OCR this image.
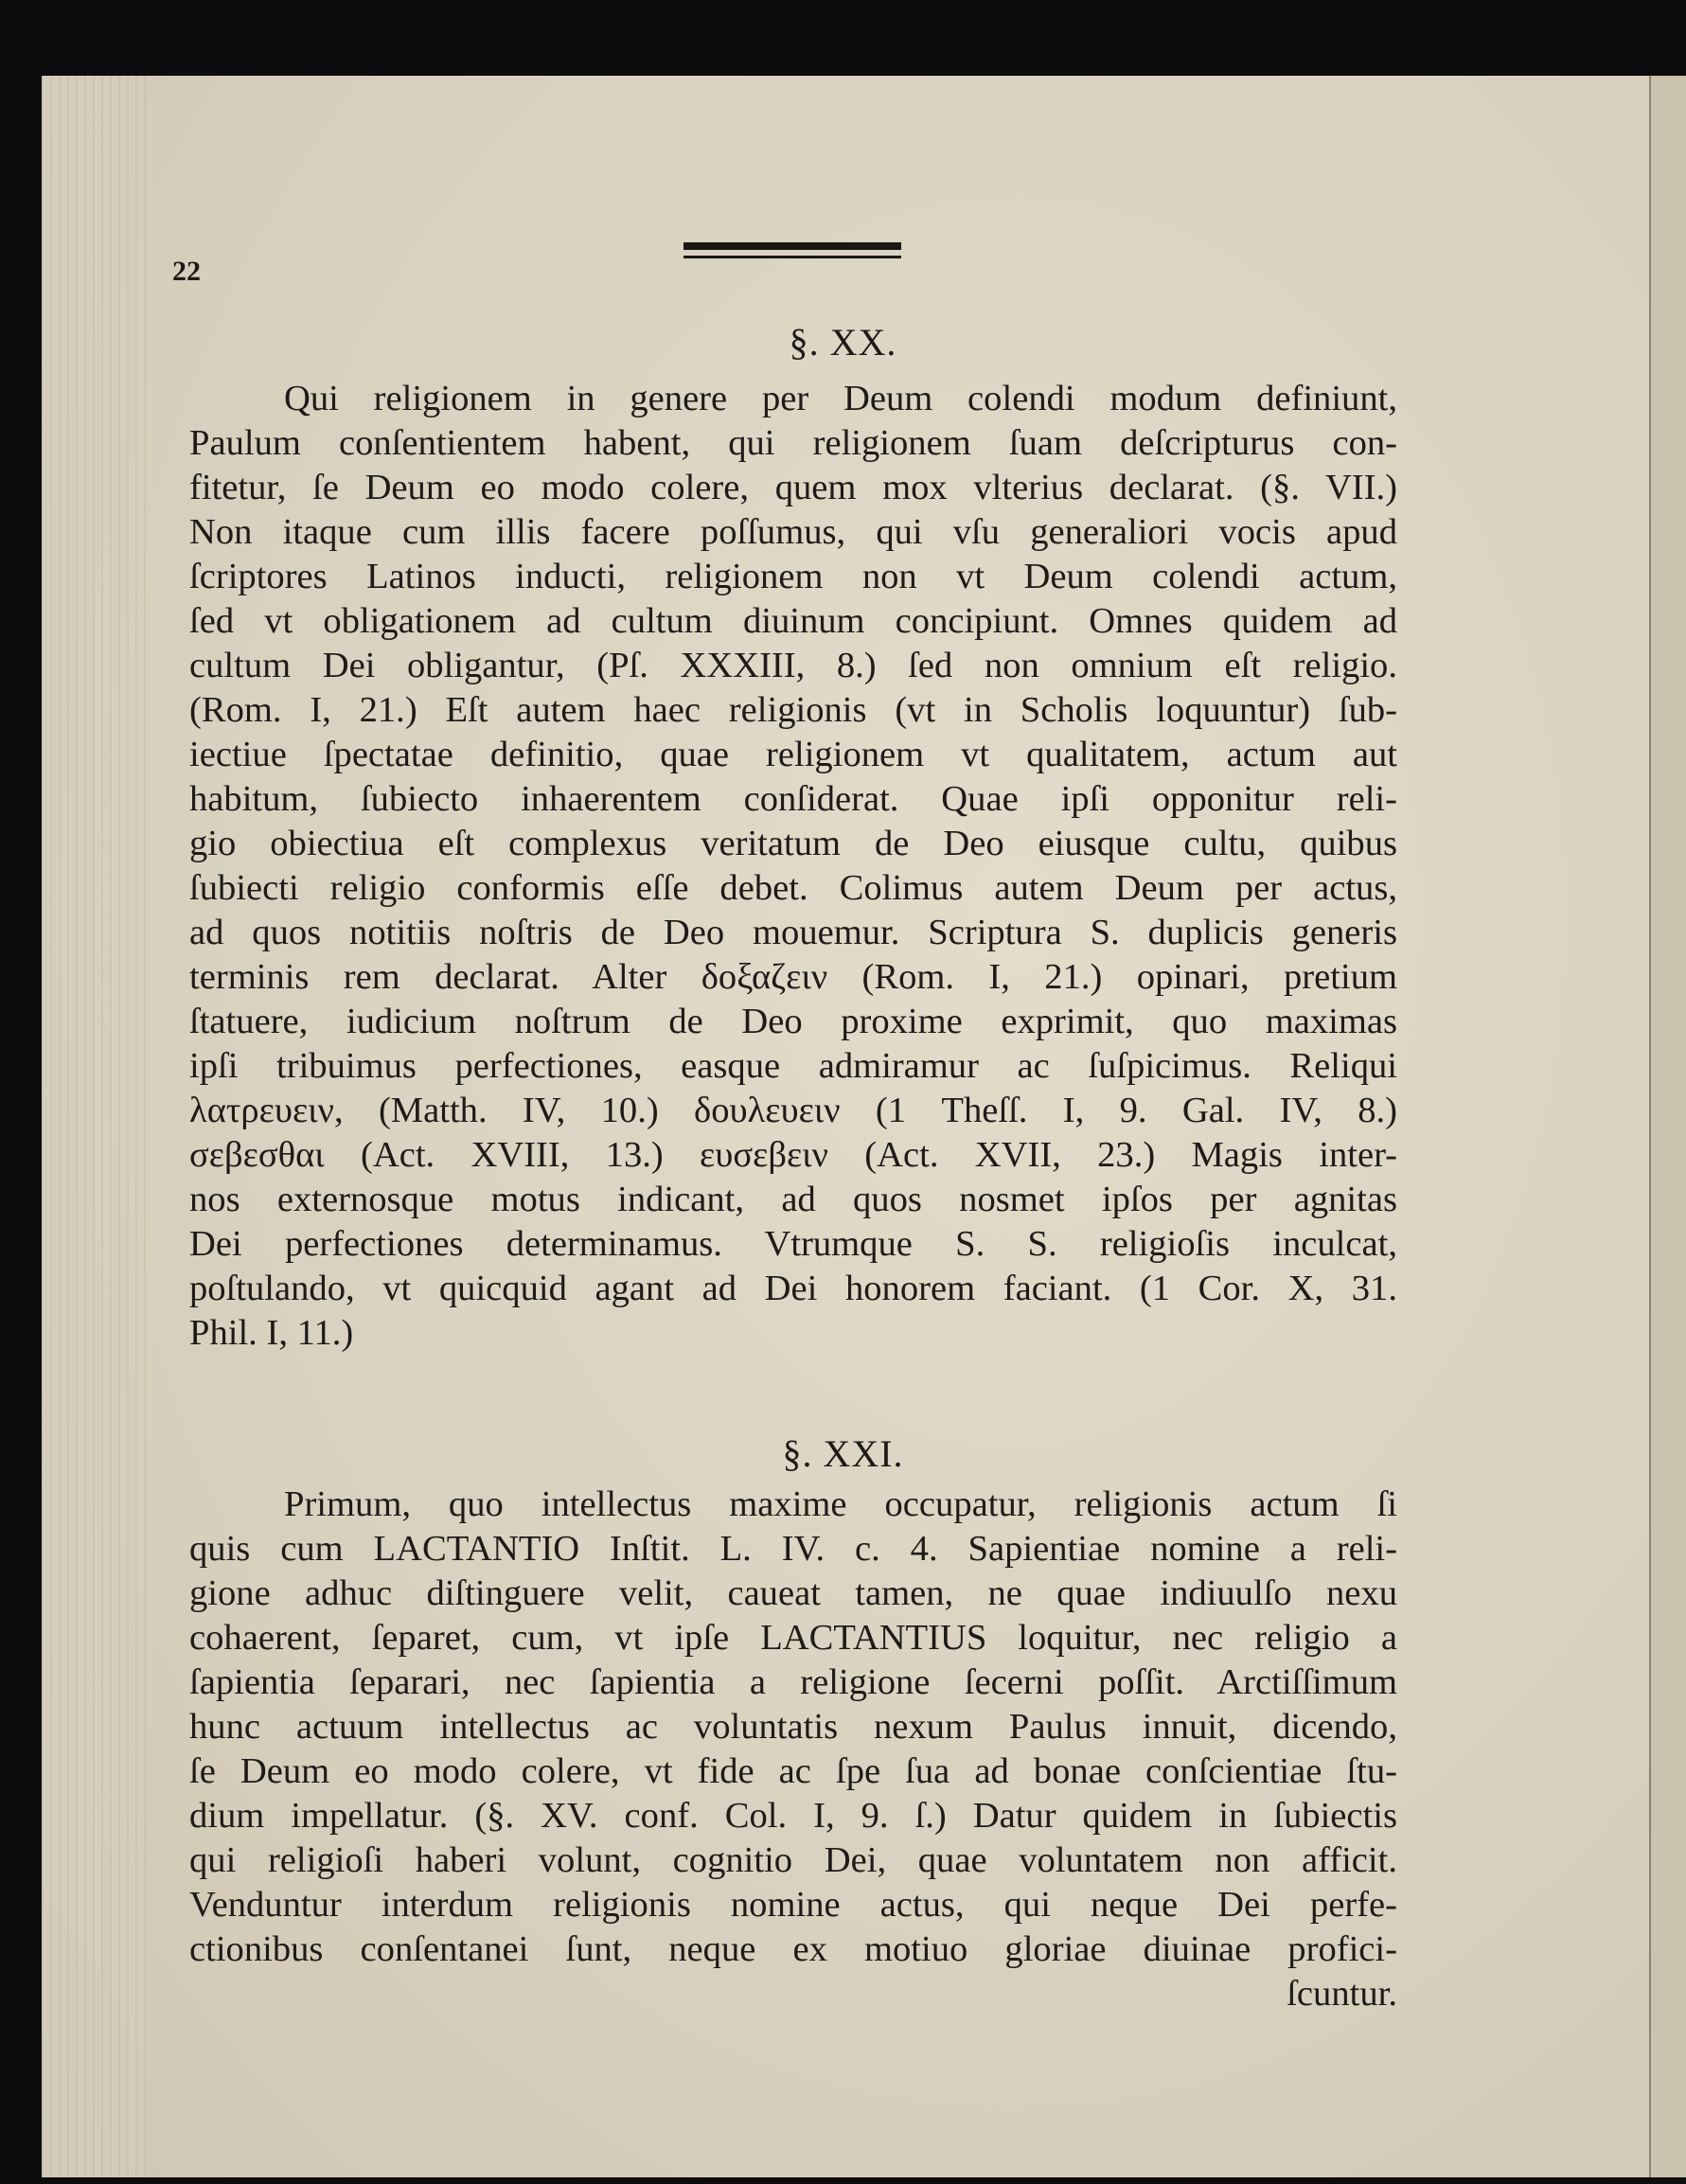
22
§. XX.

Qui religionem in genere per Deum colendi modum definiunt,

Paulum conſentientem habent, qui religionem ſuam deſcripturus con-

fitetur, ſe Deum eo modo colere, quem mox vlterius declarat. (§. VII.)

Non itaque cum illis facere poſſumus, qui vſu generaliori vocis apud

ſcriptores Latinos inducti, religionem non vt Deum colendi actum,

ſed vt obligationem ad cultum diuinum concipiunt. Omnes quidem ad

cultum Dei obligantur, (Pſ. XXXIII, 8.) ſed non omnium eſt religio.

(Rom. I, 21.) Eſt autem haec religionis (vt in Scholis loquuntur) ſub-

iectiue ſpectatae definitio, quae religionem vt qualitatem, actum aut

habitum, ſubiecto inhaerentem conſiderat. Quae ipſi opponitur reli-

gio obiectiua eſt complexus veritatum de Deo eiusque cultu, quibus

ſubiecti religio conformis eſſe debet. Colimus autem Deum per actus,

ad quos notitiis noſtris de Deo mouemur. Scriptura S. duplicis generis

terminis rem declarat. Alter δοξαζειν (Rom. I, 21.) opinari, pretium

ſtatuere, iudicium noſtrum de Deo proxime exprimit, quo maximas

ipſi tribuimus perfectiones, easque admiramur ac ſuſpicimus. Reliqui

λατρευειν, (Matth. IV, 10.) δουλευειν (1 Theſſ. I, 9. Gal. IV, 8.)

σεβεσθαι (Act. XVIII, 13.) ευσεβειν (Act. XVII, 23.) Magis inter-

nos externosque motus indicant, ad quos nosmet ipſos per agnitas

Dei perfectiones determinamus. Vtrumque S. S. religioſis inculcat,

poſtulando, vt quicquid agant ad Dei honorem faciant. (1 Cor. X, 31.

Phil. I, 11.)

§. XXI.

Primum, quo intellectus maxime occupatur, religionis actum ſi

quis cum LACTANTIO Inſtit. L. IV. c. 4. Sapientiae nomine a reli-

gione adhuc diſtinguere velit, caueat tamen, ne quae indiuulſo nexu

cohaerent, ſeparet, cum, vt ipſe LACTANTIUS loquitur, nec religio a

ſapientia ſeparari, nec ſapientia a religione ſecerni poſſit. Arctiſſimum

hunc actuum intellectus ac voluntatis nexum Paulus innuit, dicendo,

ſe Deum eo modo colere, vt fide ac ſpe ſua ad bonae conſcientiae ſtu-

dium impellatur. (§. XV. conf. Col. I, 9. ſ.) Datur quidem in ſubiectis

qui religioſi haberi volunt, cognitio Dei, quae voluntatem non afficit.

Venduntur interdum religionis nomine actus, qui neque Dei perfe-

ctionibus conſentanei ſunt, neque ex motiuo gloriae diuinae profici-

ſcuntur.
